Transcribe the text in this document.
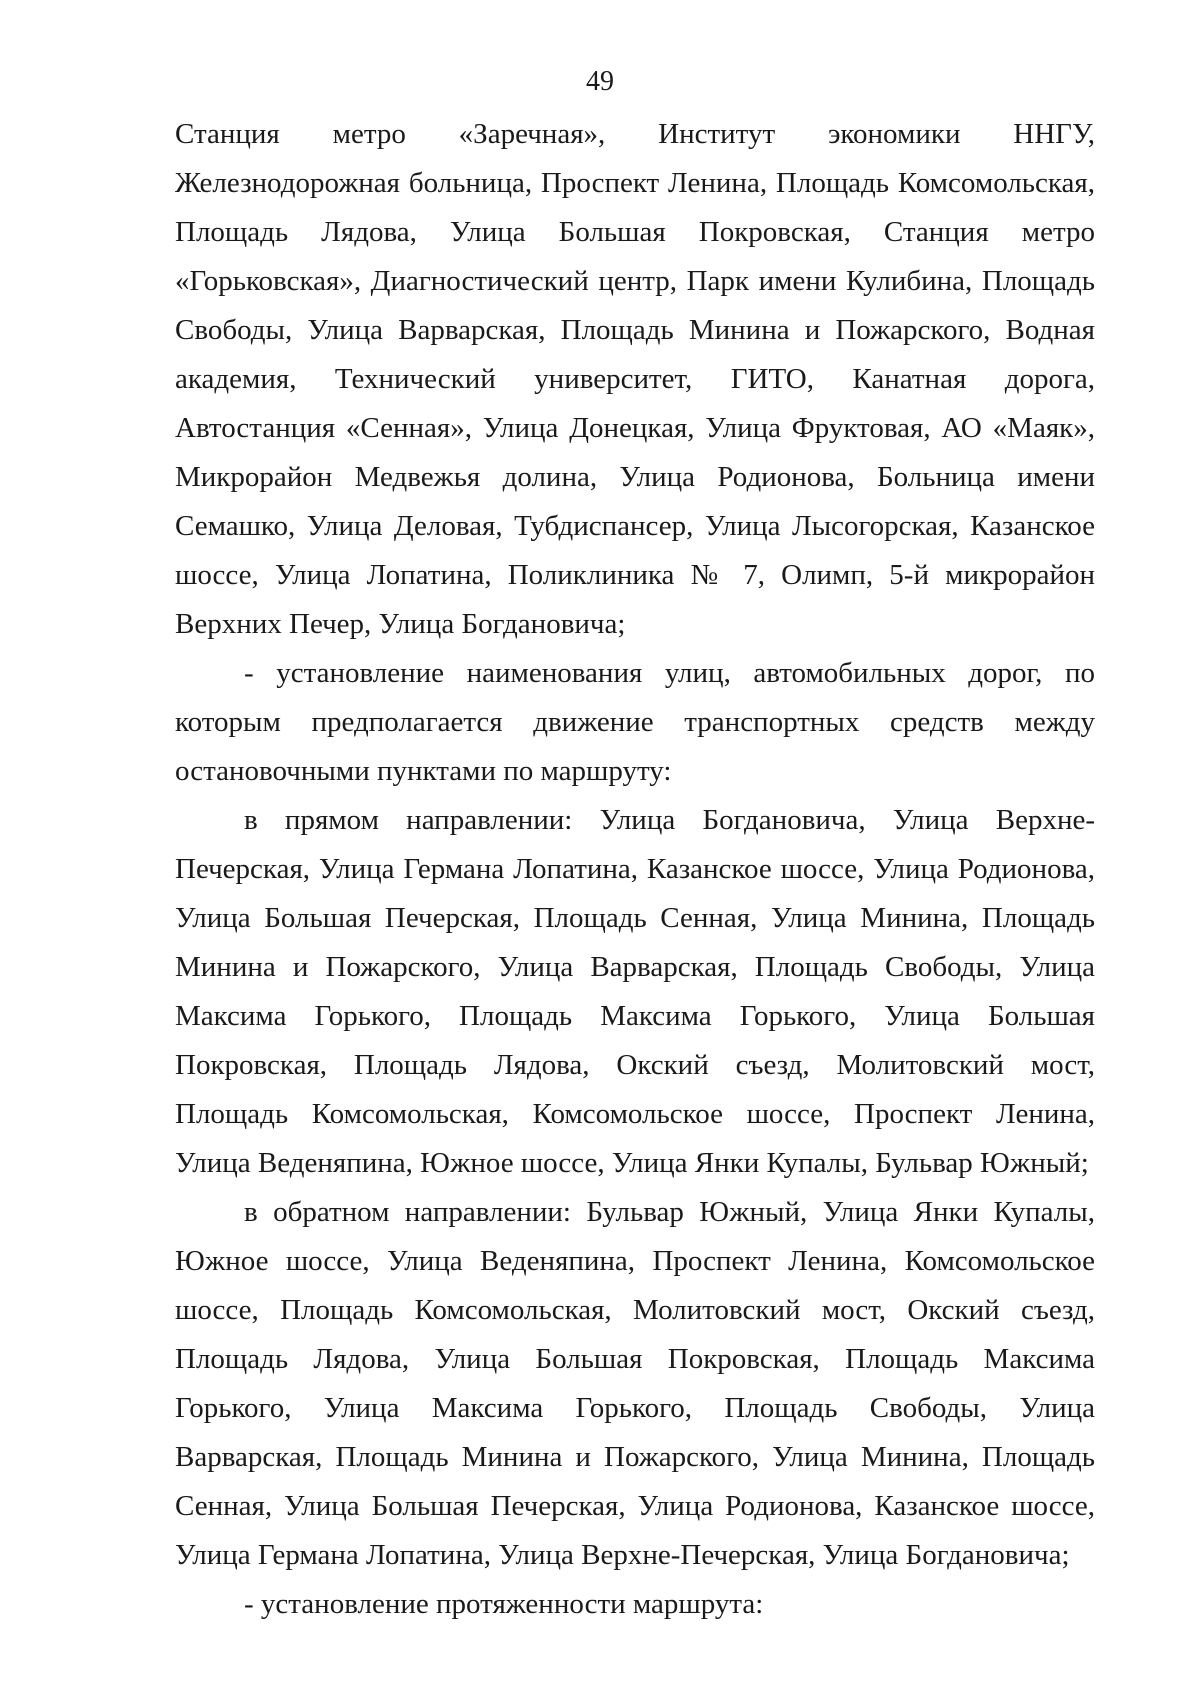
49

Станция метро «Заречная», Институт экономики ННГУ, Железнодорожная больница, Проспект Ленина, Площадь Комсомольская, Площадь Лядова, Улица Большая Покровская, Станция метро «Горьковская», Диагностический центр, Парк имени Кулибина, Площадь Свободы, Улица Варварская, Площадь Минина и Пожарского, Водная академия, Технический университет, ГИТО, Канатная дорога, Автостанция «Сенная», Улица Донецкая, Улица Фруктовая, АО «Маяк», Микрорайон Медвежья долина, Улица Родионова, Больница имени Семашко, Улица Деловая, Тубдиспансер, Улица Лысогорская, Казанское шоссе, Улица Лопатина, Поликлиника № 7, Олимп, 5-й микрорайон Верхних Печер, Улица Богдановича;

- установление наименования улиц, автомобильных дорог, по которым предполагается движение транспортных средств между остановочными пунктами по маршруту:

в прямом направлении: Улица Богдановича, Улица Верхне-Печерская, Улица Германа Лопатина, Казанское шоссе, Улица Родионова, Улица Большая Печерская, Площадь Сенная, Улица Минина, Площадь Минина и Пожарского, Улица Варварская, Площадь Свободы, Улица Максима Горького, Площадь Максима Горького, Улица Большая Покровская, Площадь Лядова, Окский съезд, Молитовский мост, Площадь Комсомольская, Комсомольское шоссе, Проспект Ленина, Улица Веденяпина, Южное шоссе, Улица Янки Купалы, Бульвар Южный;

в обратном направлении: Бульвар Южный, Улица Янки Купалы, Южное шоссе, Улица Веденяпина, Проспект Ленина, Комсомольское шоссе, Площадь Комсомольская, Молитовский мост, Окский съезд, Площадь Лядова, Улица Большая Покровская, Площадь Максима Горького, Улица Максима Горького, Площадь Свободы, Улица Варварская, Площадь Минина и Пожарского, Улица Минина, Площадь Сенная, Улица Большая Печерская, Улица Родионова, Казанское шоссе, Улица Германа Лопатина, Улица Верхне-Печерская, Улица Богдановича;

- установление протяженности маршрута:
